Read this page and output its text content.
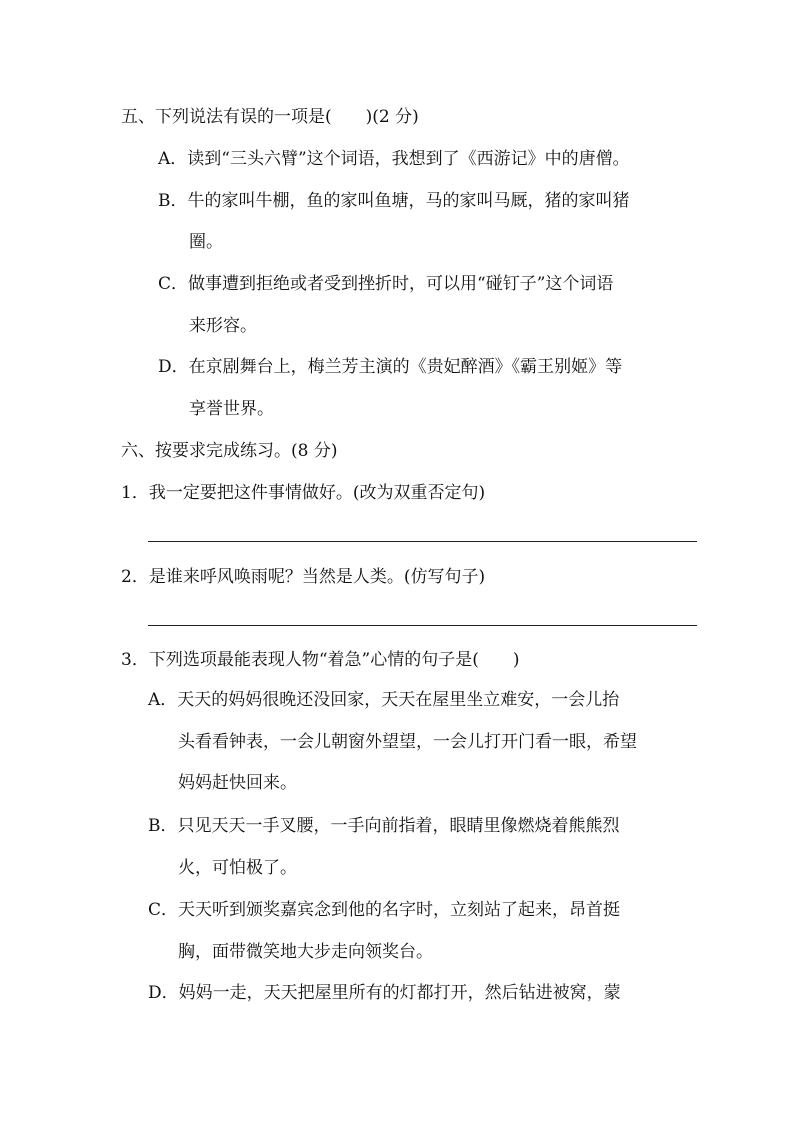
五、下列说法有误的一项是(　　)(2 分)
A．读到“三头六臂”这个词语，我想到了《西游记》中的唐僧。
B．牛的家叫牛棚，鱼的家叫鱼塘，马的家叫马厩，猪的家叫猪
圈。
C．做事遭到拒绝或者受到挫折时，可以用“碰钉子”这个词语
来形容。
D．在京剧舞台上，梅兰芳主演的《贵妃醉酒》《霸王别姬》等
享誉世界。
六、按要求完成练习。(8 分)
1．我一定要把这件事情做好。(改为双重否定句)
2．是谁来呼风唤雨呢？当然是人类。(仿写句子)
3．下列选项最能表现人物“着急”心情的句子是(　　)
A．天天的妈妈很晚还没回家，天天在屋里坐立难安，一会儿抬
头看看钟表，一会儿朝窗外望望，一会儿打开门看一眼，希望
妈妈赶快回来。
B．只见天天一手叉腰，一手向前指着，眼睛里像燃烧着熊熊烈
火，可怕极了。
C．天天听到颁奖嘉宾念到他的名字时，立刻站了起来，昂首挺
胸，面带微笑地大步走向领奖台。
D．妈妈一走，天天把屋里所有的灯都打开，然后钻进被窝，蒙
